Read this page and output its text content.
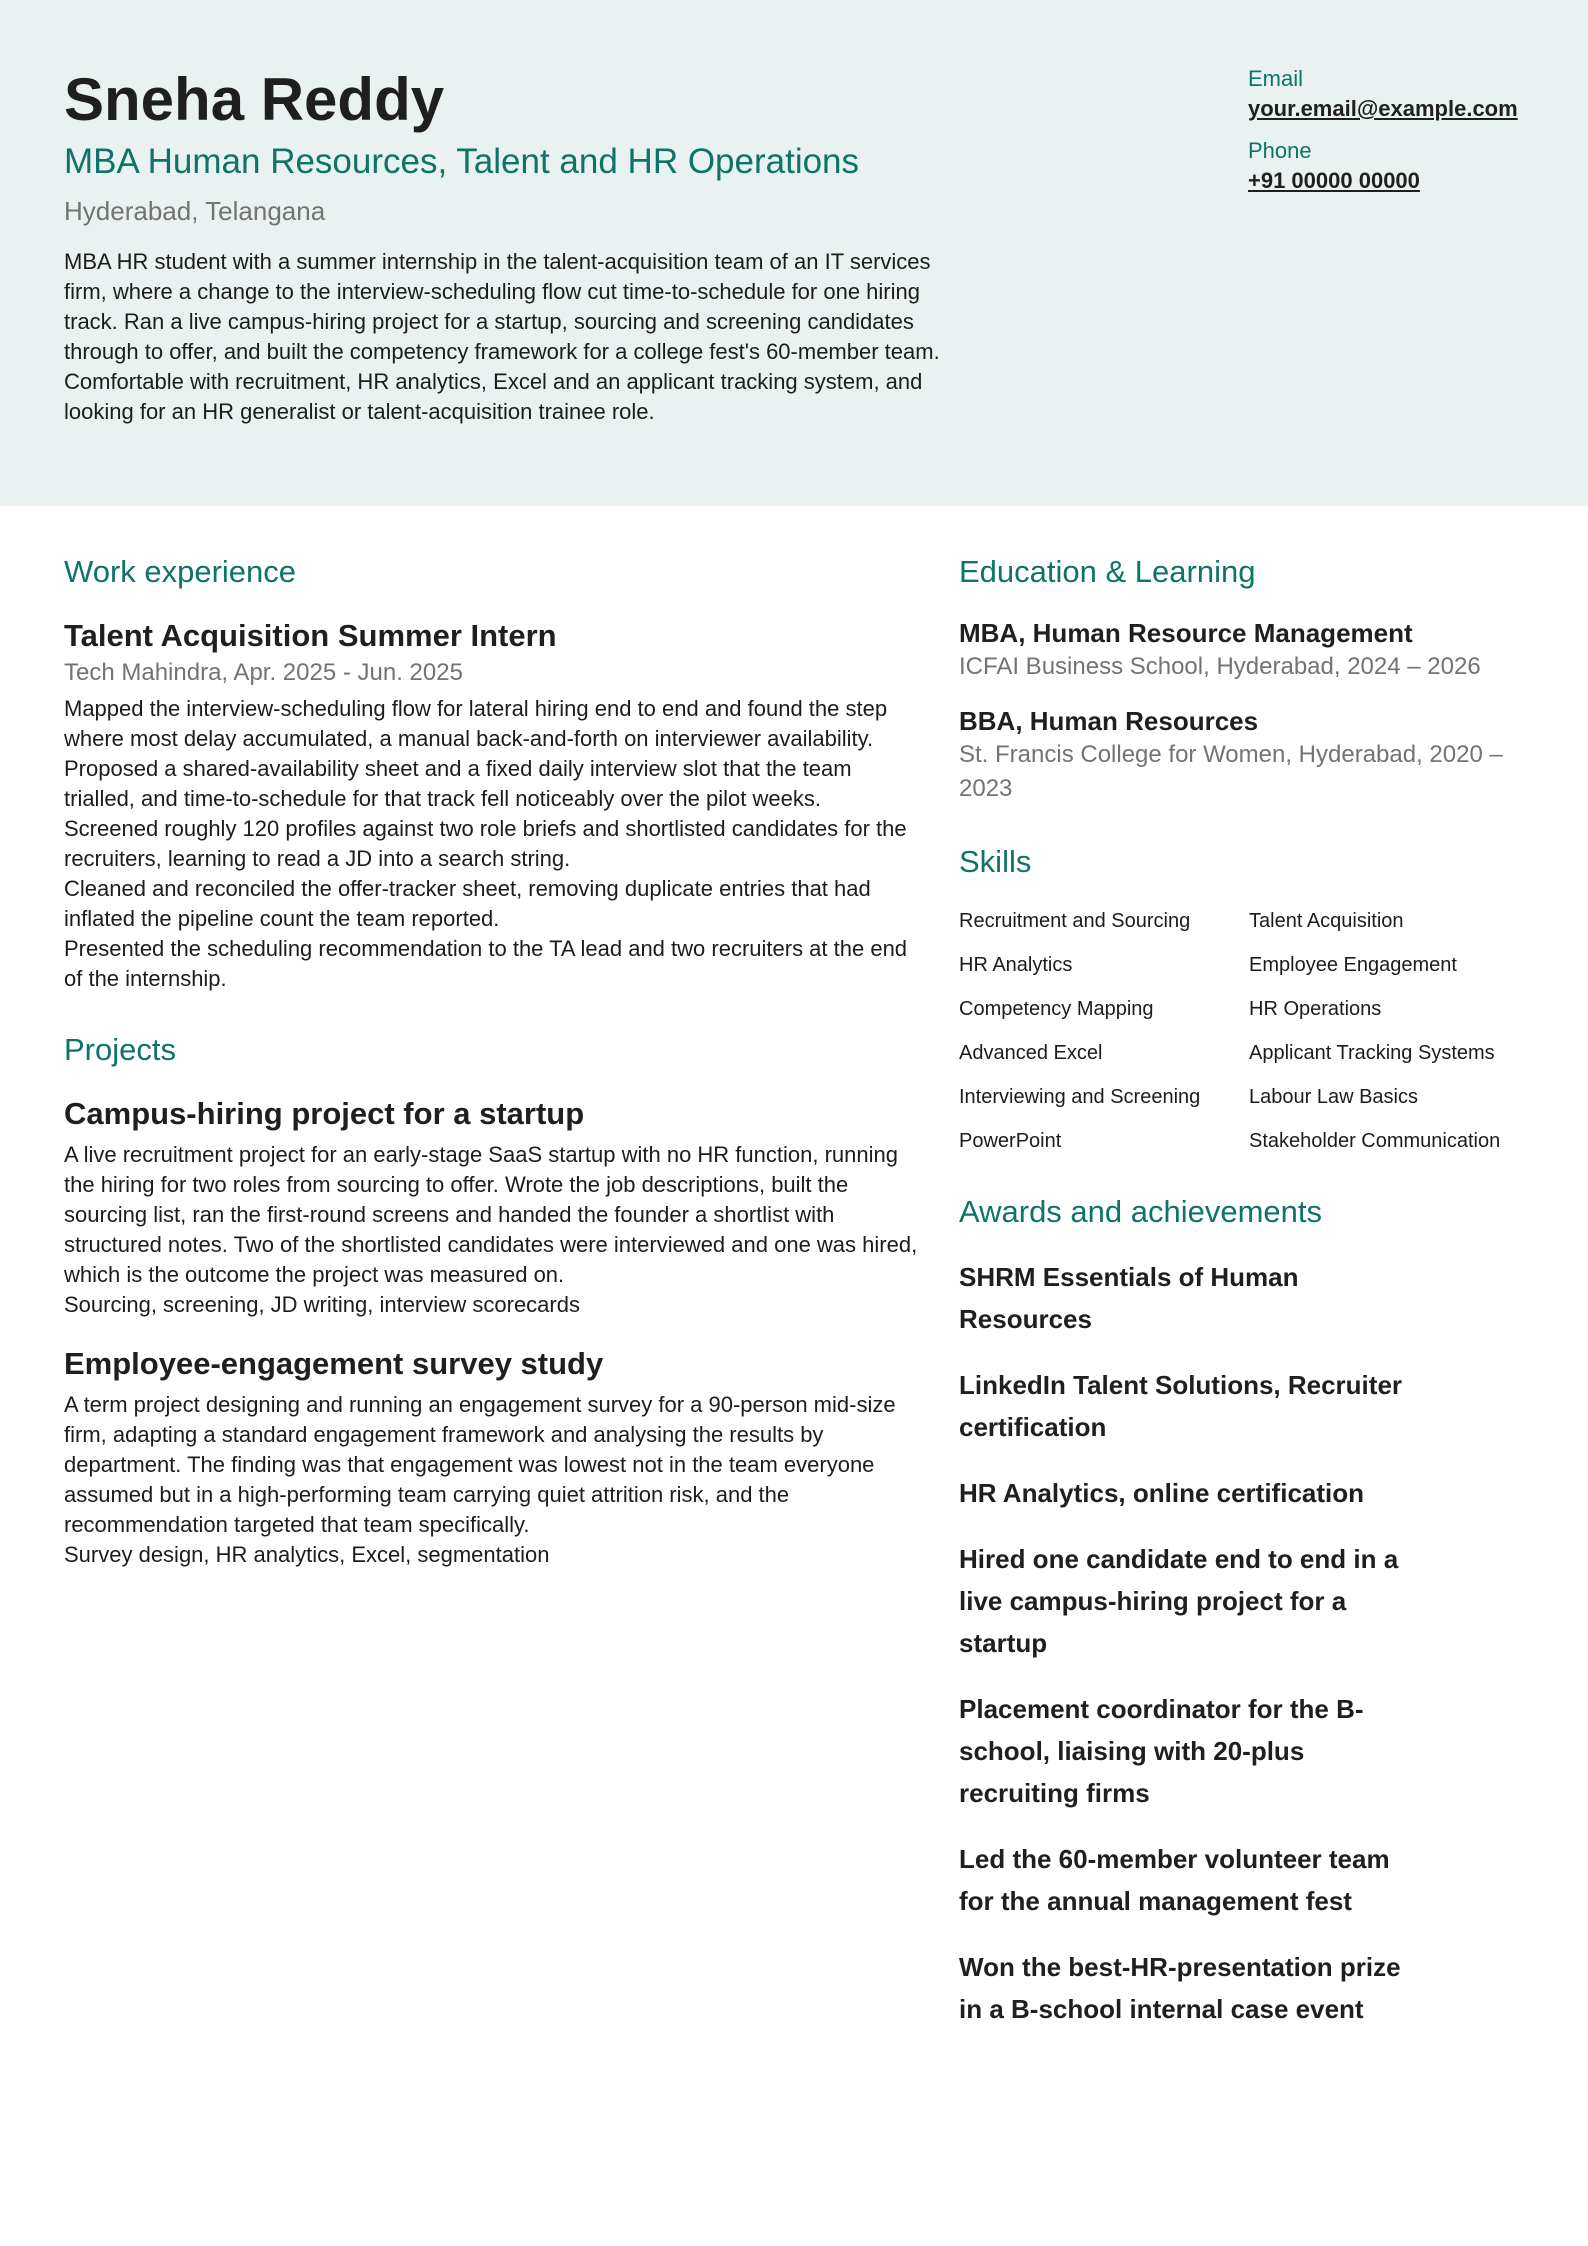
Sneha Reddy

MBA Human Resources, Talent and HR Operations

Hyderabad, Telangana

MBA HR student with a summer internship in the talent-acquisition team of an IT services firm, where a change to the interview-scheduling flow cut time-to-schedule for one hiring track. Ran a live campus-hiring project for a startup, sourcing and screening candidates through to offer, and built the competency framework for a college fest's 60-member team. Comfortable with recruitment, HR analytics, Excel and an applicant tracking system, and looking for an HR generalist or talent-acquisition trainee role.

Email
your.email@example.com
Phone
+91 00000 00000
Work experience
Talent Acquisition Summer Intern

Tech Mahindra, Apr. 2025 - Jun. 2025

Mapped the interview-scheduling flow for lateral hiring end to end and found the step where most delay accumulated, a manual back-and-forth on interviewer availability.

Proposed a shared-availability sheet and a fixed daily interview slot that the team trialled, and time-to-schedule for that track fell noticeably over the pilot weeks.

Screened roughly 120 profiles against two role briefs and shortlisted candidates for the recruiters, learning to read a JD into a search string.

Cleaned and reconciled the offer-tracker sheet, removing duplicate entries that had inflated the pipeline count the team reported.

Presented the scheduling recommendation to the TA lead and two recruiters at the end of the internship.

Projects
Campus-hiring project for a startup

A live recruitment project for an early-stage SaaS startup with no HR function, running the hiring for two roles from sourcing to offer. Wrote the job descriptions, built the sourcing list, ran the first-round screens and handed the founder a shortlist with structured notes. Two of the shortlisted candidates were interviewed and one was hired, which is the outcome the project was measured on.

Sourcing, screening, JD writing, interview scorecards

Employee-engagement survey study

A term project designing and running an engagement survey for a 90-person mid-size firm, adapting a standard engagement framework and analysing the results by department. The finding was that engagement was lowest not in the team everyone assumed but in a high-performing team carrying quiet attrition risk, and the recommendation targeted that team specifically.

Survey design, HR analytics, Excel, segmentation

Education & Learning
MBA, Human Resource Management

ICFAI Business School, Hyderabad, 2024 – 2026

BBA, Human Resources

St. Francis College for Women, Hyderabad, 2020 – 2023

Skills
Recruitment and Sourcing	Talent Acquisition
HR Analytics	Employee Engagement
Competency Mapping	HR Operations
Advanced Excel	Applicant Tracking Systems
Interviewing and Screening	Labour Law Basics
PowerPoint	Stakeholder Communication
Awards and achievements

SHRM Essentials of Human Resources

LinkedIn Talent Solutions, Recruiter certification

HR Analytics, online certification

Hired one candidate end to end in a live campus-hiring project for a startup

Placement coordinator for the B-school, liaising with 20-plus recruiting firms

Led the 60-member volunteer team for the annual management fest

Won the best-HR-presentation prize in a B-school internal case event
